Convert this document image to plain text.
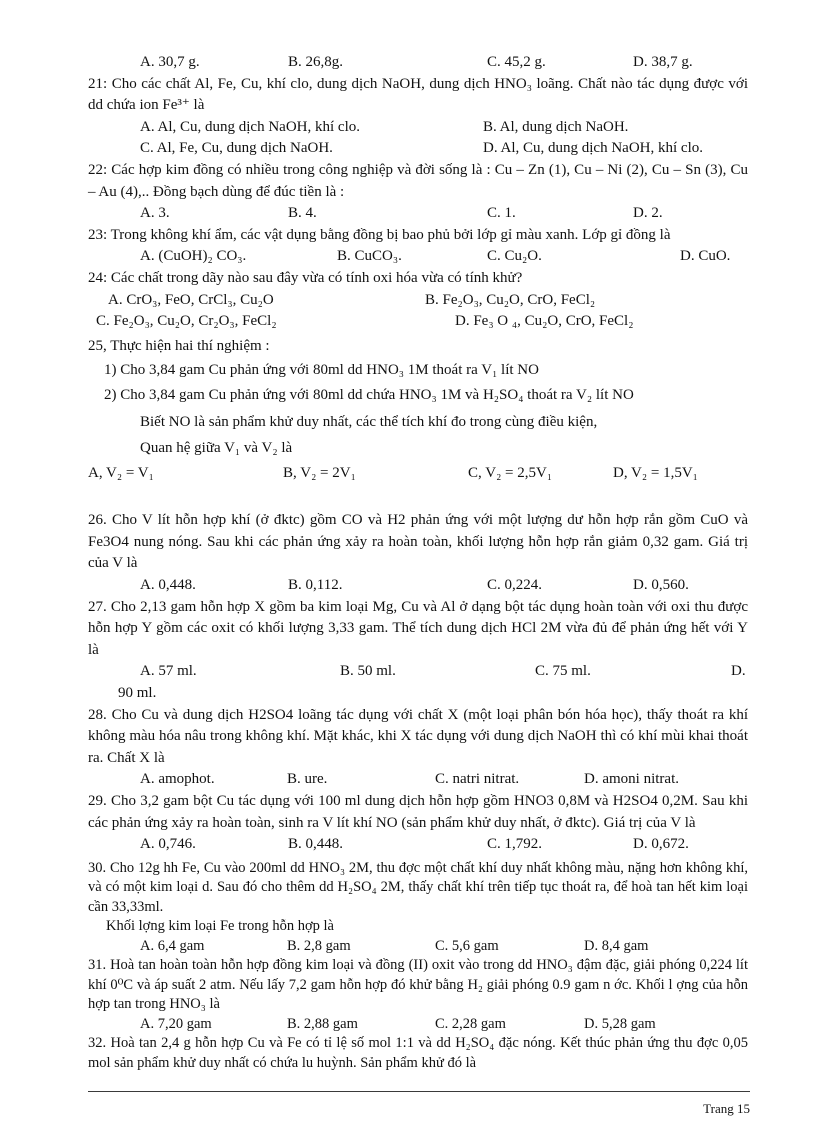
A. 30,7 g.	B. 26,8g.	C. 45,2 g.	D. 38,7 g.

21: Cho các chất Al, Fe, Cu, khí clo, dung dịch NaOH, dung dịch HNO₃ loãng. Chất nào tác dụng được với dd chứa ion Fe³⁺ là

A. Al, Cu, dung dịch NaOH, khí clo.	B. Al, dung dịch NaOH.
C. Al, Fe, Cu, dung dịch NaOH.	D. Al, Cu, dung dịch NaOH, khí clo.

22: Các hợp kim đồng có nhiều trong công nghiệp và đời sống là : Cu – Zn (1), Cu – Ni (2), Cu – Sn (3), Cu – Au (4),.. Đồng bạch dùng để đúc tiền là :

A. 3.	B. 4.	C. 1.	D. 2.

23: Trong không khí ẩm, các vật dụng bằng đồng bị bao phủ bởi lớp gỉ màu xanh. Lớp gỉ đồng là

A. (CuOH)₂ CO₃.	B. CuCO₃.	C. Cu₂O.	D. CuO.

24: Các chất trong dãy nào sau đây vừa có tính oxi hóa vừa có tính khử?

A. CrO₃, FeO, CrCl₃, Cu₂O	B. Fe₂O₃, Cu₂O, CrO, FeCl₂
C. Fe₂O₃, Cu₂O, Cr₂O₃, FeCl₂	D. Fe₃ O ₄, Cu₂O, CrO, FeCl₂

25, Thực hiện hai thí nghiệm :

1) Cho 3,84 gam Cu phản ứng với 80ml dd HNO₃ 1M thoát ra V₁ lít NO

2) Cho 3,84 gam Cu phản ứng với 80ml dd chứa HNO₃ 1M và H₂SO₄ thoát ra V₂ lít NO

Biết NO là sản phẩm khử duy nhất, các thể tích khí đo trong cùng điều kiện,

Quan hệ giữa V₁ và V₂ là

A, V₂ = V₁	B, V₂ = 2V₁	C, V₂ = 2,5V₁	D, V₂ = 1,5V₁

26. Cho V lít hỗn hợp khí (ở đktc) gồm CO và H2 phản ứng với một lượng dư hỗn hợp rắn gồm CuO và Fe3O4 nung nóng. Sau khi các phản ứng xảy ra hoàn toàn, khối lượng hỗn hợp rắn giảm 0,32 gam. Giá trị của V là

A. 0,448.	B. 0,112.	C. 0,224.	D. 0,560.

27. Cho 2,13 gam hỗn hợp X gồm ba kim loại Mg, Cu và Al ở dạng bột tác dụng hoàn toàn với oxi thu được hỗn hợp Y gồm các oxit có khối lượng 3,33 gam. Thể tích dung dịch HCl 2M vừa đủ để phản ứng hết với Y là

A. 57 ml.	B. 50 ml.	C. 75 ml.	D.

90 ml.

28. Cho Cu và dung dịch H2SO4 loãng tác dụng với chất X (một loại phân bón hóa học), thấy thoát ra khí không màu hóa nâu trong không khí. Mặt khác, khi X tác dụng với dung dịch NaOH thì có khí mùi khai thoát ra. Chất X là

A. amophot.	B. ure.	C. natri nitrat.	D. amoni nitrat.

29. Cho 3,2 gam bột Cu tác dụng với 100 ml dung dịch hỗn hợp gồm HNO3 0,8M và H2SO4 0,2M. Sau khi các phản ứng xảy ra hoàn toàn, sinh ra V lít khí NO (sản phẩm khử duy nhất, ở đktc). Giá trị của V là

A. 0,746.	B. 0,448.	C. 1,792.	D. 0,672.

30. Cho 12g hh Fe, Cu vào 200ml dd HNO₃ 2M, thu đợc một chất khí duy nhất không màu, nặng hơn không khí, và có một kim loại d. Sau đó cho thêm dd H₂SO₄ 2M, thấy chất khí trên tiếp tục thoát ra, để hoà tan hết kim loại cần 33,33ml.

Khối lợng kim loại Fe trong hỗn hợp là

A. 6,4 gam	B. 2,8 gam	C. 5,6 gam	D. 8,4 gam

31. Hoà tan hoàn toàn hỗn hợp đồng kim loại và đồng (II) oxit vào trong dd HNO₃ đậm đặc, giải phóng 0,224 lít khí 0⁰C và áp suất 2 atm. Nếu lấy 7,2 gam hỗn hợp đó khử bằng H₂ giải phóng 0.9 gam n ớc. Khối l ợng của hỗn hợp tan trong HNO₃ là

A. 7,20 gam	B. 2,88 gam	C. 2,28 gam	D. 5,28 gam

32. Hoà tan 2,4 g hỗn hợp Cu và Fe có tỉ lệ số mol 1:1 và dd H₂SO₄ đặc nóng. Kết thúc phản ứng thu đợc 0,05 mol sản phẩm khử duy nhất có chứa lu huỳnh. Sản phẩm khử đó là

Trang 15
